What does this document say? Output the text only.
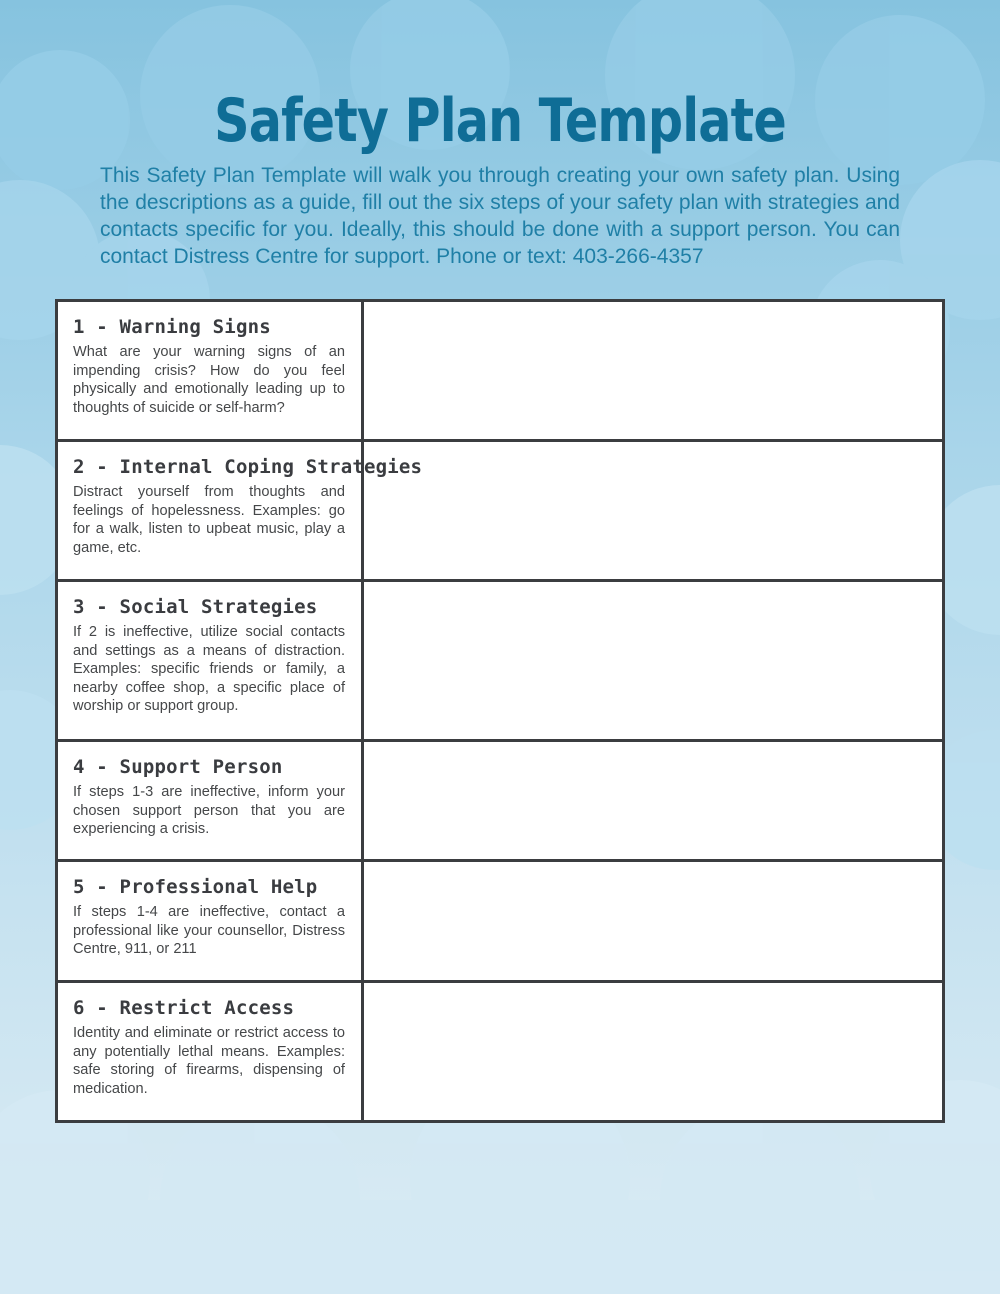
Safety Plan Template

This Safety Plan Template will walk you through creating your own safety plan. Using the descriptions as a guide, fill out the six steps of your safety plan with strategies and contacts specific for you. Ideally, this should be done with a support person. You can contact Distress Centre for support. Phone or text: 403-266-4357

1 - Warning Signs

What are your warning signs of an impending crisis? How do you feel physically and emotionally leading up to thoughts of suicide or self-harm?

2 - Internal Coping Strategies

Distract yourself from thoughts and feelings of hopelessness. Examples: go for a walk, listen to upbeat music, play a game, etc.

3 - Social Strategies

If 2 is ineffective, utilize social contacts and settings as a means of distraction. Examples: specific friends or family, a nearby coffee shop, a specific place of worship or support group.

4 - Support Person

If steps 1-3 are ineffective, inform your chosen support person that you are experiencing a crisis.

5 - Professional Help

If steps 1-4 are ineffective, contact a professional like your counsellor, Distress Centre, 911, or 211

6 - Restrict Access

Identity and eliminate or restrict access to any potentially lethal means. Examples: safe storing of firearms, dispensing of medication.
